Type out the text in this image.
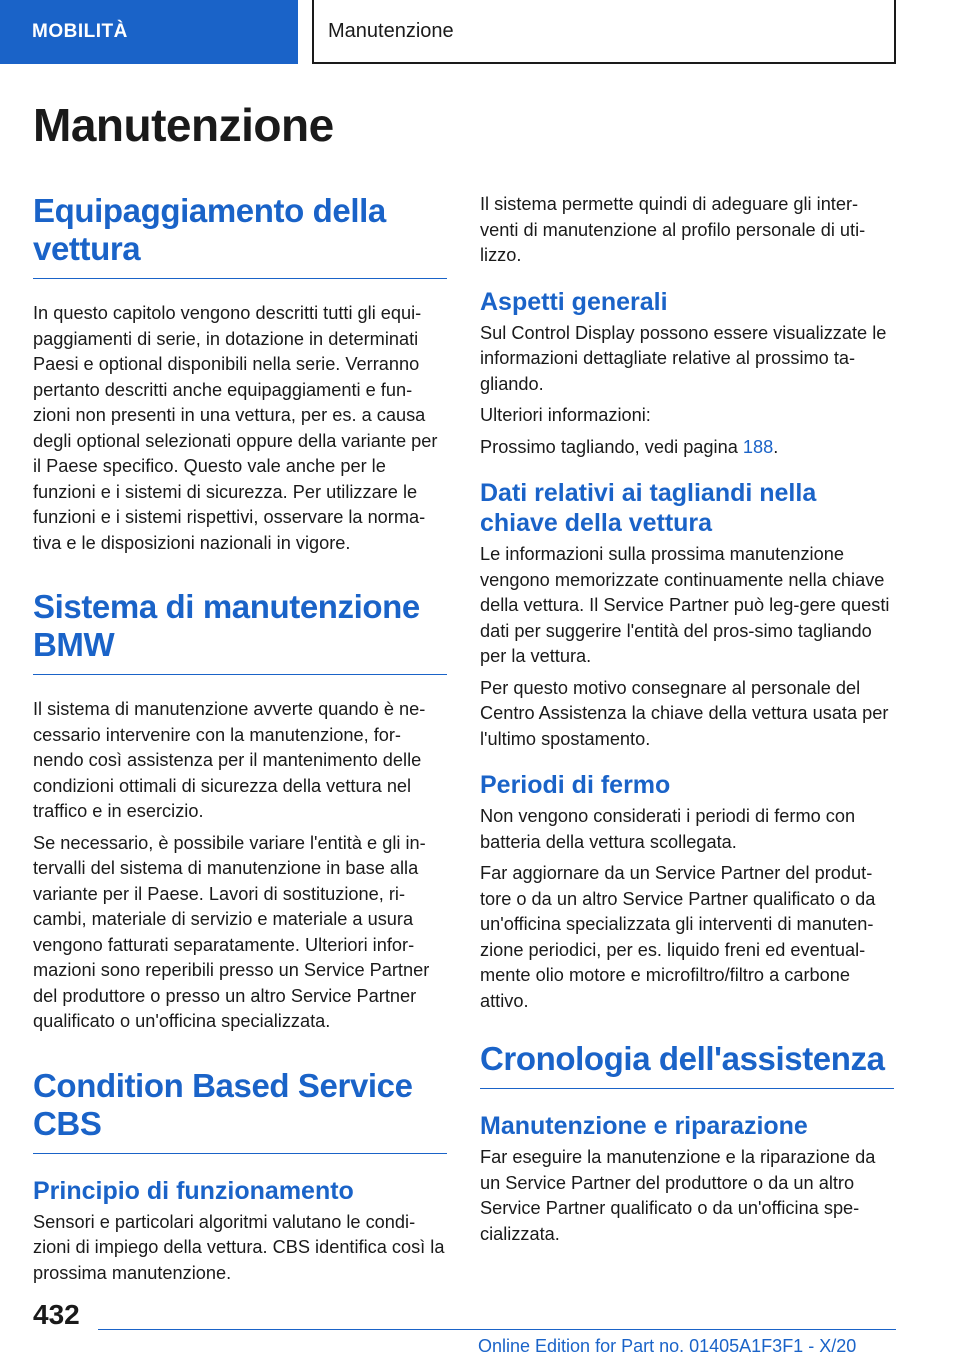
MOBILITÀ	Manutenzione
Manutenzione
Equipaggiamento della vettura

In questo capitolo vengono descritti tutti gli equi-paggiamenti di serie, in dotazione in determinati Paesi e optional disponibili nella serie. Verranno pertanto descritti anche equipaggiamenti e fun-zioni non presenti in una vettura, per es. a causa degli optional selezionati oppure della variante per il Paese specifico. Questo vale anche per le funzioni e i sistemi di sicurezza. Per utilizzare le funzioni e i sistemi rispettivi, osservare la norma-tiva e le disposizioni nazionali in vigore.

Sistema di manutenzione BMW

Il sistema di manutenzione avverte quando è ne-cessario intervenire con la manutenzione, for-nendo così assistenza per il mantenimento delle condizioni ottimali di sicurezza della vettura nel traffico e in esercizio.

Se necessario, è possibile variare l'entità e gli in-tervalli del sistema di manutenzione in base alla variante per il Paese. Lavori di sostituzione, ri-cambi, materiale di servizio e materiale a usura vengono fatturati separatamente. Ulteriori infor-mazioni sono reperibili presso un Service Partner del produttore o presso un altro Service Partner qualificato o un'officina specializzata.

Condition Based Service CBS
Principio di funzionamento

Sensori e particolari algoritmi valutano le condi-zioni di impiego della vettura. CBS identifica così la prossima manutenzione.

Il sistema permette quindi di adeguare gli inter-venti di manutenzione al profilo personale di uti-lizzo.

Aspetti generali

Sul Control Display possono essere visualizzate le informazioni dettagliate relative al prossimo ta-gliando.

Ulteriori informazioni:

Prossimo tagliando, vedi pagina 188.

Dati relativi ai tagliandi nella chiave della vettura

Le informazioni sulla prossima manutenzione vengono memorizzate continuamente nella chiave della vettura. Il Service Partner può leg-gere questi dati per suggerire l'entità del pros-simo tagliando per la vettura.

Per questo motivo consegnare al personale del Centro Assistenza la chiave della vettura usata per l'ultimo spostamento.

Periodi di fermo

Non vengono considerati i periodi di fermo con batteria della vettura scollegata.

Far aggiornare da un Service Partner del produt-tore o da un altro Service Partner qualificato o da un'officina specializzata gli interventi di manuten-zione periodici, per es. liquido freni ed eventual-mente olio motore e microfiltro/filtro a carbone attivo.

Cronologia dell'assistenza
Manutenzione e riparazione

Far eseguire la manutenzione e la riparazione da un Service Partner del produttore o da un altro Service Partner qualificato o da un'officina spe-cializzata.

432
Online Edition for Part no. 01405A1F3F1 - X/20
